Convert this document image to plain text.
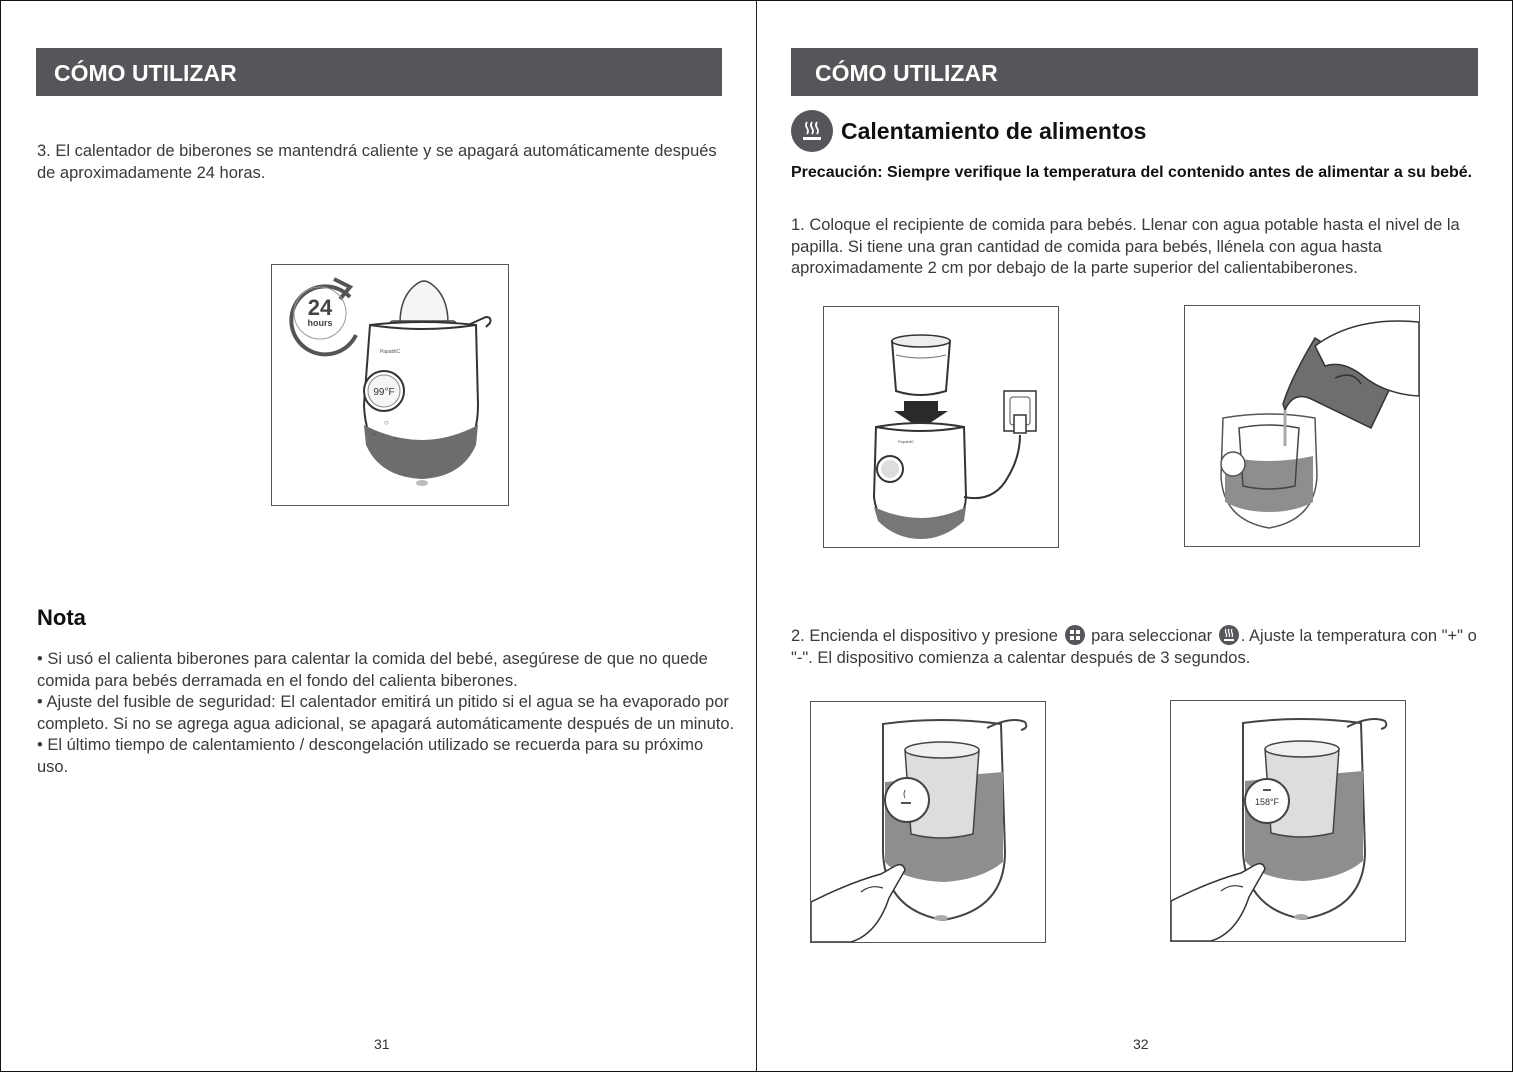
CÓMO UTILIZAR
3. El calentador de biberones se mantendrá caliente y se apagará automáticamente después de aproximadamente 24 horas.
24
hours
99°F
PapabliC
+
○
–
Nota

• Si usó el calienta biberones para calentar la comida del bebé, asegúrese de que no quede comida para bebés derramada en el fondo del calienta biberones.

• Ajuste del fusible de seguridad: El calentador emitirá un pitido si el agua se ha evaporado por completo. Si no se agrega agua adicional, se apagará automáticamente después de un minuto.

• El último tiempo de calentamiento / descongelación utilizado se recuerda para su próximo uso.

31
CÓMO UTILIZAR
Calentamiento de alimentos
Precaución: Siempre verifique la temperatura del contenido antes de alimentar a su bebé.
1. Coloque el recipiente de comida para bebés. Llenar con agua potable hasta el nivel de la papilla. Si tiene una gran cantidad de comida para bebés, llénela con agua hasta aproximadamente 2 cm por debajo de la parte superior del calientabiberones.
PapabliC
2. Encienda el dispositivo y presione para seleccionar . Ajuste la temperatura con "+" o "-". El dispositivo comienza a calentar después de 3 segundos.
158°F
32
